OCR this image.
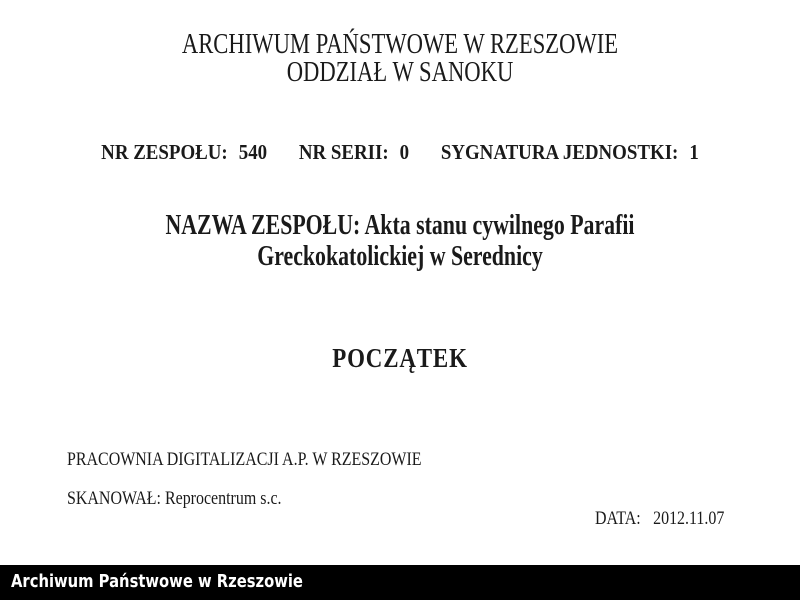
ARCHIWUM PAŃSTWOWE W RZESZOWIE
ODDZIAŁ W SANOKU
NR ZESPOŁU: 540 NR SERII: 0 SYGNATURA JEDNOSTKI: 1
NAZWA ZESPOŁU: Akta stanu cywilnego Parafii
Greckokatolickiej w Serednicy
POCZĄTEK
PRACOWNIA DIGITALIZACJI A.P. W RZESZOWIE
SKANOWAŁ: Reprocentrum s.c.
DATA: 2012.11.07
Archiwum Państwowe w Rzeszowie
